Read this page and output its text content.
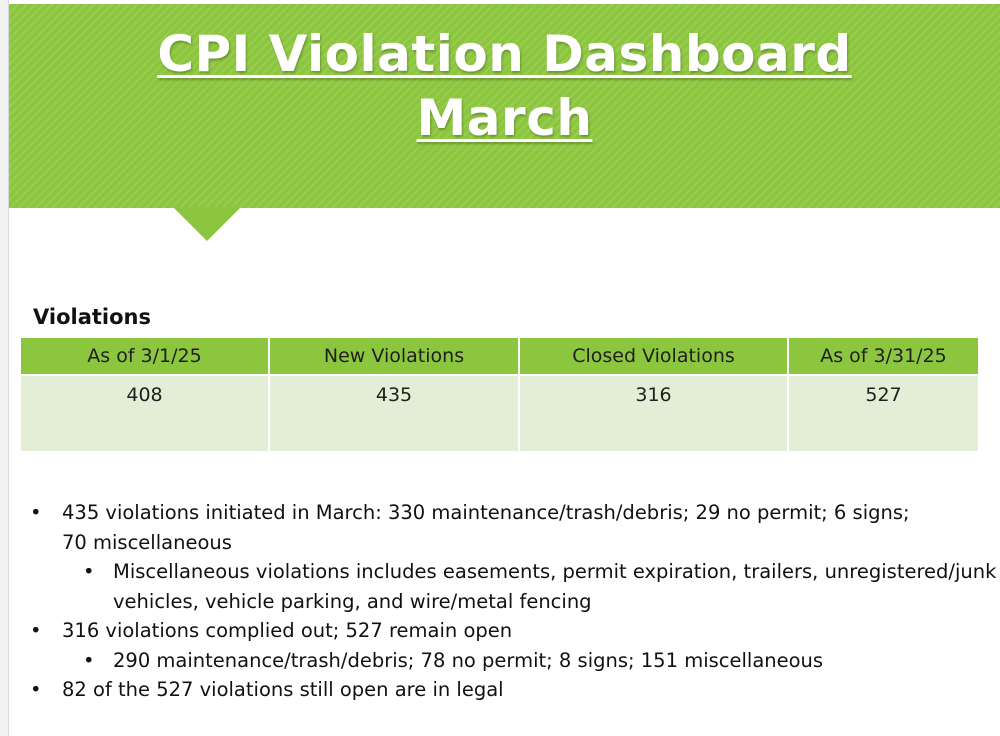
CPI Violation Dashboard
March
Violations
As of 3/1/25	New Violations	Closed Violations	As of 3/31/25
408	435	316	527
• 435 violations initiated in March: 330 maintenance/trash/debris; 29 no permit; 6 signs;
70 miscellaneous
• Miscellaneous violations includes easements, permit expiration, trailers, unregistered/junk
vehicles, vehicle parking, and wire/metal fencing
• 316 violations complied out; 527 remain open
• 290 maintenance/trash/debris; 78 no permit; 8 signs; 151 miscellaneous
• 82 of the 527 violations still open are in legal
